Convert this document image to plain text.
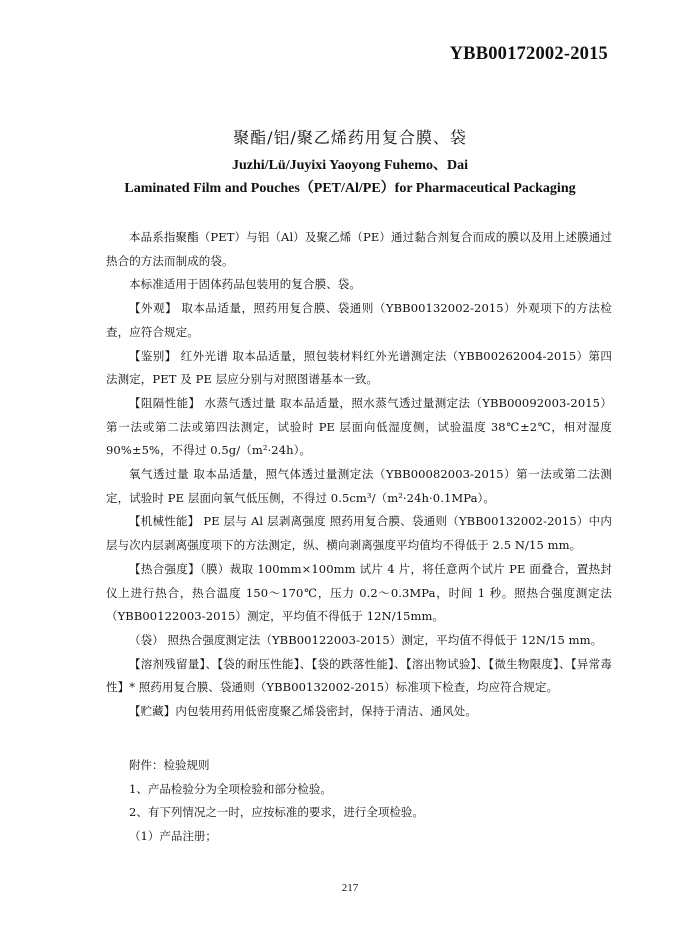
YBB00172002-2015
聚酯/铝/聚乙烯药用复合膜、袋
Juzhi/Lü/Juyixi Yaoyong Fuhemo、Dai
Laminated Film and Pouches（PET/Al/PE）for Pharmaceutical Packaging

本品系指聚酯（PET）与铝（Al）及聚乙烯（PE）通过黏合剂复合而成的膜以及用上述膜通过热合的方法而制成的袋。

本标准适用于固体药品包装用的复合膜、袋。

【外观】 取本品适量，照药用复合膜、袋通则（YBB00132002-2015）外观项下的方法检查，应符合规定。

【鉴别】 红外光谱 取本品适量，照包装材料红外光谱测定法（YBB00262004-2015）第四法测定，PET 及 PE 层应分别与对照图谱基本一致。

【阻隔性能】 水蒸气透过量 取本品适量，照水蒸气透过量测定法（YBB00092003-2015）第一法或第二法或第四法测定，试验时 PE 层面向低湿度侧，试验温度 38℃±2℃，相对湿度 90%±5%，不得过 0.5g/（m²·24h）。

氧气透过量 取本品适量，照气体透过量测定法（YBB00082003-2015）第一法或第二法测定，试验时 PE 层面向氧气低压侧，不得过 0.5cm³/（m²·24h·0.1MPa）。

【机械性能】 PE 层与 Al 层剥离强度 照药用复合膜、袋通则（YBB00132002-2015）中内层与次内层剥离强度项下的方法测定，纵、横向剥离强度平均值均不得低于 2.5 N/15 mm。

【热合强度】（膜）裁取 100mm×100mm 试片 4 片，将任意两个试片 PE 面叠合，置热封仪上进行热合，热合温度 150～170℃，压力 0.2～0.3MPa，时间 1 秒。照热合强度测定法（YBB00122003-2015）测定，平均值不得低于 12N/15mm。

（袋） 照热合强度测定法（YBB00122003-2015）测定，平均值不得低于 12N/15 mm。

【溶剂残留量】、【袋的耐压性能】、【袋的跌落性能】、【溶出物试验】、【微生物限度】、【异常毒性】* 照药用复合膜、袋通则（YBB00132002-2015）标准项下检查，均应符合规定。

【贮藏】内包装用药用低密度聚乙烯袋密封，保持于清洁、通风处。

附件：检验规则

1、产品检验分为全项检验和部分检验。

2、有下列情况之一时，应按标准的要求，进行全项检验。

（1）产品注册；

217
